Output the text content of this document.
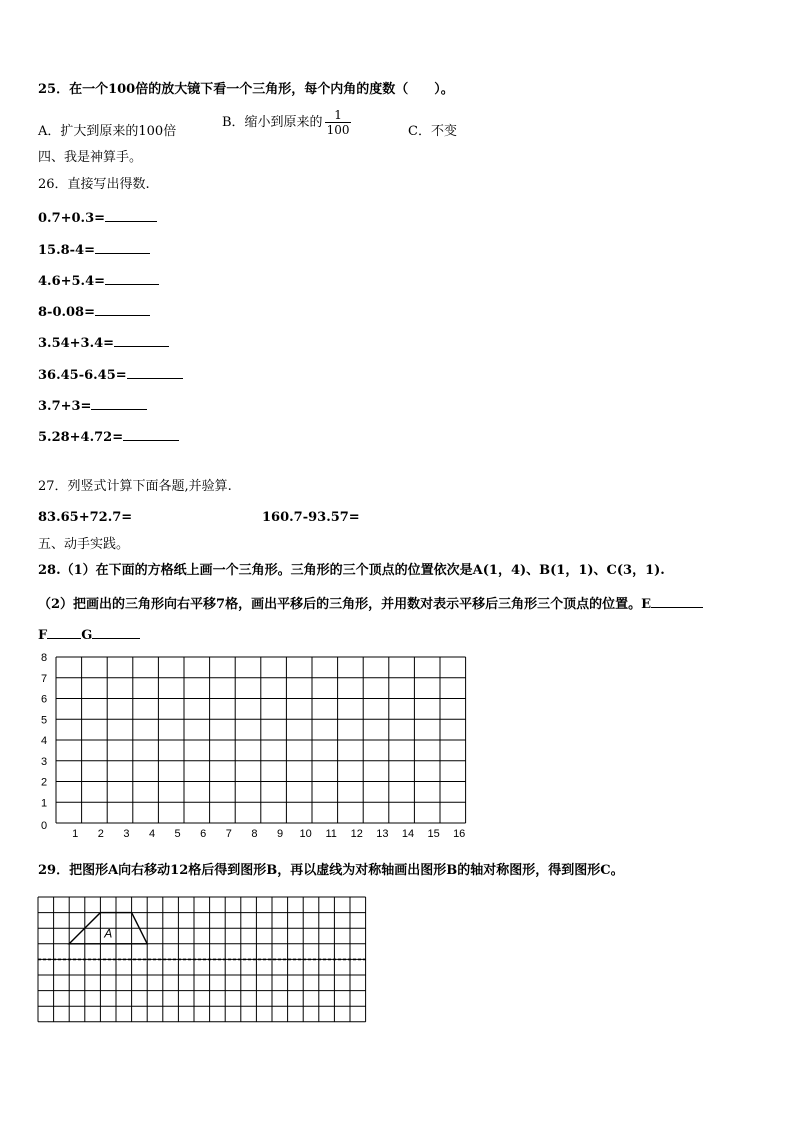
25．在一个100倍的放大镜下看一个三角形，每个内角的度数（　　）。
A．扩大到原来的100倍
B．缩小到原来的 $\frac{1}{100}$	C．不变
四、我是神算手。
26．直接写出得数.
0.7+0.3=
15.8-4=
4.6+5.4=
8-0.08=
3.54+3.4=
36.45-6.45=
3.7+3=
5.28+4.72=
27．列竖式计算下面各题,并验算.
83.65+72.7=	160.7-93.57=
五、动手实践。
28.（1）在下面的方格纸上画一个三角形。三角形的三个顶点的位置依次是A(1，4)、B(1，1)、C(3，1).
（2）把画出的三角形向右平移7格，画出平移后的三角形，并用数对表示平移后三角形三个顶点的位置。E
F	G
0
1
2
3
4
5
6
7
8
1 2 3 4 5 6 7 8 9 10 11 12 13 14 15 16
29．把图形A向右移动12格后得到图形B，再以虚线为对称轴画出图形B的轴对称图形，得到图形C。
A
